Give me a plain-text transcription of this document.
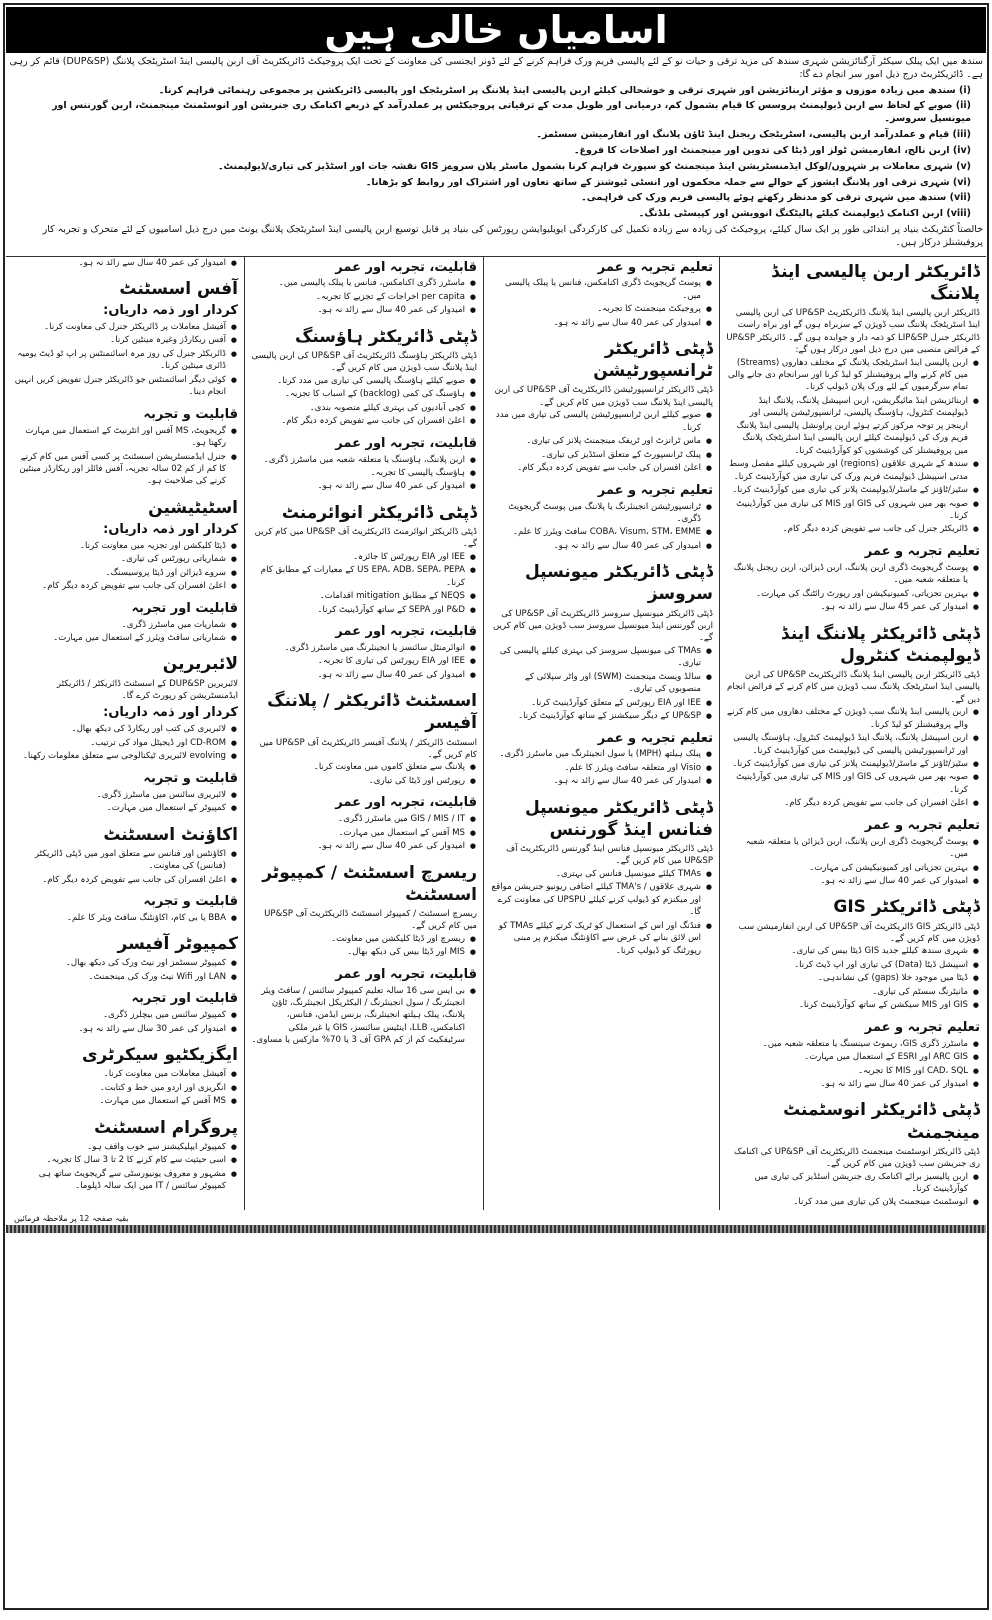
اسامیاں خالی ہیں

سندھ میں ایک پبلک سیکٹر آرگنائزیشن شہری سندھ کی مزید ترقی و حیات نو کے لئے پالیسی فریم ورک فراہم کرنے کے لئے ڈونر ایجنسی کی معاونت کے تحت ایک پروجیکٹ ڈائریکٹریٹ آف اربن پالیسی اینڈ اسٹریٹجک پلاننگ (DUP&SP) قائم کر رہی ہے۔ ڈائریکٹریٹ درج ذیل امور سر انجام دے گا:

(i) سندھ میں زیادہ موزوں و مؤثر اربنائزیشن اور شہری ترقی و خوشحالی کیلئے اربن پالیسی اینڈ پلاننگ پر اسٹریٹجک اور پالیسی ڈائریکشن پر مجموعی رہنمائی فراہم کرنا۔

(ii) صوبے کے لحاظ سے اربن ڈیولپمنٹ پروسس کا قیام بشمول کم، درمیانی اور طویل مدت کے ترقیاتی پروجیکٹس پر عملدرآمد کے ذریعے اکنامک ری جنریشن اور انوسٹمنٹ مینجمنٹ، اربن گورننس اور میونسپل سروسز۔

(iii) قیام و عملدرآمد اربن پالیسی، اسٹریٹجک ریجنل اینڈ ٹاؤن پلاننگ اور انفارمیشن سسٹمز۔

(iv) اربن نالج، انفارمیشن ٹولز اور ڈیٹا کی تدوین اور مینجمنٹ اور اصلاحات کا فروغ۔

(v) شہری معاملات پر شہروں/لوکل ایڈمنسٹریشن اینڈ مینجمنٹ کو سپورٹ فراہم کرنا بشمول ماسٹر پلان سروےز GIS نقشہ جات اور اسٹڈیز کی تیاری/ڈیولپمنٹ۔

(vi) شہری ترقی اور پلاننگ ایشوز کے حوالے سے جملہ محکموں اور انسٹی ٹیوشنز کے ساتھ تعاون اور اشتراک اور روابط کو بڑھانا۔

(vii) سندھ میں شہری ترقی کو مدنظر رکھتے ہوئے پالیسی فریم ورک کی فراہمی۔

(viii) اربن اکنامک ڈیولپمنٹ کیلئے پالیٹکنگ انوویشن اور کپیسٹی بلڈنگ۔

خالصتاً کنٹریکٹ بنیاد پر ابتدائی طور پر ایک سال کیلئے، پروجیکٹ کی زیادہ سے زیادہ تکمیل کی کارکردگی ایویلیوایشن رپورٹس کی بنیاد پر قابل توسیع اربن پالیسی اینڈ اسٹریٹجک پلاننگ یونٹ میں درج ذیل اسامیوں کے لئے متحرک و تجربہ کار پروفیشنلز درکار ہیں۔

ڈائریکٹر اربن پالیسی اینڈ پلاننگ

ڈائریکٹر اربن پالیسی اینڈ پلاننگ ڈائریکٹریٹ UP&SP کی اربن پالیسی اینڈ اسٹریٹجک پلاننگ سب ڈویژن کے سربراہ ہوں گے اور براہ راست ڈائریکٹر جنرل LIP&SP کو ذمہ دار و جوابدہ ہوں گے۔ ڈائریکٹر UP&SP کے فرائض منصبی میں درج ذیل امور درکار ہوں گے:

● اربن پالیسی اینڈ اسٹریٹجک پلاننگ کے مختلف دھاروں (Streams) میں کام کرنے والے پروفیشنلز کو لیڈ کرنا اور سرانجام دی جانے والی تمام سرگرمیوں کے لئے ورک پلان ڈیولپ کرنا۔
● اربنائزیشن اینڈ مائیگریشن، اربن اسپیشل پلاننگ، پلاننگ اینڈ ڈیولپمنٹ کنٹرول، ہاؤسنگ پالیسی، ٹرانسپورٹیشن پالیسی اور ارینجز پر توجہ مرکوز کرتے ہوئے اربن پراونشل پالیسی اینڈ پلاننگ فریم ورک کی ڈیولپمنٹ کیلئے اربن پالیسی اینڈ اسٹریٹجک پلاننگ میں پروفیشنلز کی کوششوں کو کوآرڈینیٹ کرنا۔
● سندھ کے شہری علاقوں (regions) اور شہروں کیلئے مفصل وسط مدتی اسپیشل ڈیولپمنٹ فریم ورک کی تیاری میں کوآرڈینیٹ کرنا۔
● سٹیز/ٹاؤنز کے ماسٹر/ڈیولپمنٹ پلانز کی تیاری میں کوآرڈینیٹ کرنا۔
● صوبہ بھر میں شہروں کی GIS اور MIS کی تیاری میں کوآرڈینیٹ کرنا۔
● ڈائریکٹر جنرل کی جانب سے تفویض کردہ دیگر کام۔
تعلیم تجربہ و عمر
● پوسٹ گریجویٹ ڈگری اربن پلاننگ، اربن ڈیزائن، اربن ریجنل پلاننگ یا متعلقہ شعبہ میں۔
● بہترین تجزیاتی، کمیونیکیشن اور رپورٹ رائٹنگ کی مہارت۔
● امیدوار کی عمر 45 سال سے زائد نہ ہو۔
ڈپٹی ڈائریکٹر پلاننگ اینڈ ڈیولپمنٹ کنٹرول

ڈپٹی ڈائریکٹر اربن پالیسی اینڈ پلاننگ ڈائریکٹریٹ UP&SP کی اربن پالیسی اینڈ اسٹریٹجک پلاننگ سب ڈویژن میں کام کرنے کے فرائض انجام دیں گے۔

● اربن پالیسی اینڈ پلاننگ سب ڈویژن کے مختلف دھاروں میں کام کرنے والے پروفیشنلز کو لیڈ کرنا۔
● اربن اسپیشل پلاننگ، پلاننگ اینڈ ڈیولپمنٹ کنٹرول، ہاؤسنگ پالیسی اور ٹرانسپورٹیشن پالیسی کی ڈیولپمنٹ میں کوآرڈینیٹ کرنا۔
● سٹیز/ٹاؤنز کے ماسٹر/ڈیولپمنٹ پلانز کی تیاری میں کوآرڈینیٹ کرنا۔
● صوبہ بھر میں شہروں کی GIS اور MIS کی تیاری میں کوآرڈینیٹ کرنا۔
● اعلیٰ افسران کی جانب سے تفویض کردہ دیگر کام۔
تعلیم تجربہ و عمر
● پوسٹ گریجویٹ ڈگری اربن پلاننگ، اربن ڈیزائن یا متعلقہ شعبہ میں۔
● بہترین تجزیاتی اور کمیونیکیشن کی مہارت۔
● امیدوار کی عمر 40 سال سے زائد نہ ہو۔
ڈپٹی ڈائریکٹر GIS

ڈپٹی ڈائریکٹر GIS ڈائریکٹریٹ آف UP&SP کی اربن انفارمیشن سب ڈویژن میں کام کریں گے۔

● شہری سندھ کیلئے جدید GIS ڈیٹا بیس کی تیاری۔
● اسپیشل ڈیٹا (Data) کی تیاری اور اپ ڈیٹ کرنا۔
● ڈیٹا میں موجود خلا (gaps) کی نشاندہی۔
● مانیٹرنگ سسٹم کی تیاری۔
● GIS اور MIS سیکشن کے ساتھ کوآرڈینیٹ کرنا۔
تعلیم تجربہ و عمر
● ماسٹرز ڈگری GIS، ریموٹ سینسنگ یا متعلقہ شعبہ میں۔
● ARC GIS اور ESRI کے استعمال میں مہارت۔
● CAD، SQL اور MIS کا تجربہ۔
● امیدوار کی عمر 40 سال سے زائد نہ ہو۔
ڈپٹی ڈائریکٹر انوسٹمنٹ مینجمنٹ

ڈپٹی ڈائریکٹر انوسٹمنٹ مینجمنٹ ڈائریکٹریٹ آف UP&SP کی اکنامک ری جنریشن سب ڈویژن میں کام کریں گے۔

● اربن پالیسیز برائے اکنامک ری جنریشن اسٹڈیز کی تیاری میں کوآرڈینیٹ کرنا۔
● انوسٹمنٹ مینجمنٹ پلان کی تیاری میں مدد کرنا۔
تعلیم تجربہ و عمر
● پوسٹ گریجویٹ ڈگری اکنامکس، فنانس یا پبلک پالیسی میں۔
● پروجیکٹ مینجمنٹ کا تجربہ۔
● امیدوار کی عمر 40 سال سے زائد نہ ہو۔
ڈپٹی ڈائریکٹر ٹرانسپورٹیشن

ڈپٹی ڈائریکٹر ٹرانسپورٹیشن ڈائریکٹریٹ آف UP&SP کی اربن پالیسی اینڈ پلاننگ سب ڈویژن میں کام کریں گے۔

● صوبے کیلئے اربن ٹرانسپورٹیشن پالیسی کی تیاری میں مدد کرنا۔
● ماس ٹرانزٹ اور ٹریفک مینجمنٹ پلانز کی تیاری۔
● پبلک ٹرانسپورٹ کے متعلق اسٹڈیز کی تیاری۔
● اعلیٰ افسران کی جانب سے تفویض کردہ دیگر کام۔
تعلیم تجربہ و عمر
● ٹرانسپورٹیشن انجینئرنگ یا پلاننگ میں پوسٹ گریجویٹ ڈگری۔
● COBA، Visum، STM، EMME سافٹ ویئرز کا علم۔
● امیدوار کی عمر 40 سال سے زائد نہ ہو۔
ڈپٹی ڈائریکٹر میونسپل سروسز

ڈپٹی ڈائریکٹر میونسپل سروسز ڈائریکٹریٹ آف UP&SP کی اربن گورننس اینڈ میونسپل سروسز سب ڈویژن میں کام کریں گے۔

● TMAs کی میونسپل سروسز کی بہتری کیلئے پالیسی کی تیاری۔
● سالڈ ویسٹ مینجمنٹ (SWM) اور واٹر سپلائی کے منصوبوں کی تیاری۔
● IEE اور EIA رپورٹس کے متعلق کوآرڈینیٹ کرنا۔
● UP&SP کے دیگر سیکشنز کے ساتھ کوآرڈینیٹ کرنا۔
تعلیم تجربہ و عمر
● پبلک ہیلتھ (MPH) یا سول انجینئرنگ میں ماسٹرز ڈگری۔
● Visio اور متعلقہ سافٹ ویئرز کا علم۔
● امیدوار کی عمر 40 سال سے زائد نہ ہو۔
ڈپٹی ڈائریکٹر میونسپل فنانس اینڈ گورننس

ڈپٹی ڈائریکٹر میونسپل فنانس اینڈ گورننس ڈائریکٹریٹ آف UP&SP میں کام کریں گے۔

● TMAs کیلئے میونسپل فنانس کی بہتری۔
● شہری علاقوں / TMA's کیلئے اضافی ریونیو جنریشن مواقع اور میکنزم کو ڈیولپ کرنے کیلئے UPSPU کی معاونت کرے گا۔
● فنڈنگ اور اس کے استعمال کو ٹریک کرنے کیلئے TMAs کو اس لائق بنانے کی غرض سے اکاؤنٹنگ میکنزم پر مبنی رپورٹنگ کو ڈیولپ کرنا۔
قابلیت، تجربہ اور عمر
● ماسٹرز ڈگری اکنامکس، فنانس یا پبلک پالیسی میں۔
● per capita اخراجات کے تجزیے کا تجربہ۔
● امیدوار کی عمر 40 سال سے زائد نہ ہو۔
ڈپٹی ڈائریکٹر ہاؤسنگ

ڈپٹی ڈائریکٹر ہاؤسنگ ڈائریکٹریٹ آف UP&SP کی اربن پالیسی اینڈ پلاننگ سب ڈویژن میں کام کریں گے۔

● صوبے کیلئے ہاؤسنگ پالیسی کی تیاری میں مدد کرنا۔
● ہاؤسنگ کی کمی (backlog) کے اسباب کا تجزیہ۔
● کچی آبادیوں کی بہتری کیلئے منصوبہ بندی۔
● اعلیٰ افسران کی جانب سے تفویض کردہ دیگر کام۔
قابلیت، تجربہ اور عمر
● اربن پلاننگ، ہاؤسنگ یا متعلقہ شعبہ میں ماسٹرز ڈگری۔
● ہاؤسنگ پالیسی کا تجربہ۔
● امیدوار کی عمر 40 سال سے زائد نہ ہو۔
ڈپٹی ڈائریکٹر انوائرمنٹ

ڈپٹی ڈائریکٹر انوائرمنٹ ڈائریکٹریٹ آف UP&SP میں کام کریں گے۔

● IEE اور EIA رپورٹس کا جائزہ۔
● US EPA، ADB، SEPA، PEPA کے معیارات کے مطابق کام کرنا۔
● NEQS کے مطابق mitigation اقدامات۔
● P&D اور SEPA کے ساتھ کوآرڈینیٹ کرنا۔
قابلیت، تجربہ اور عمر
● انوائرمنٹل سائنسز یا انجینئرنگ میں ماسٹرز ڈگری۔
● IEE اور EIA رپورٹس کی تیاری کا تجربہ۔
● امیدوار کی عمر 40 سال سے زائد نہ ہو۔
اسسٹنٹ ڈائریکٹر / پلاننگ آفیسر

اسسٹنٹ ڈائریکٹر / پلاننگ آفیسر ڈائریکٹریٹ آف UP&SP میں کام کریں گے۔

● پلاننگ سے متعلق کاموں میں معاونت کرنا۔
● رپورٹس اور ڈیٹا کی تیاری۔
قابلیت، تجربہ اور عمر
● GIS / MIS / IT میں ماسٹرز ڈگری۔
● MS آفس کے استعمال میں مہارت۔
● امیدوار کی عمر 40 سال سے زائد نہ ہو۔
ریسرچ اسسٹنٹ / کمپیوٹر اسسٹنٹ

ریسرچ اسسٹنٹ / کمپیوٹر اسسٹنٹ ڈائریکٹریٹ آف UP&SP میں کام کریں گے۔

● ریسرچ اور ڈیٹا کلیکشن میں معاونت۔
● MIS اور ڈیٹا بیس کی دیکھ بھال۔
قابلیت، تجربہ اور عمر
● بی ایس سی 16 سالہ تعلیم کمپیوٹر سائنس / سافٹ ویئر انجینئرنگ / سول انجینئرنگ / الیکٹریکل انجینئرنگ، ٹاؤن پلاننگ، پبلک ہیلتھ انجینئرنگ، بزنس ایڈمن، فنانس، اکنامکس، LLB، اینٹیس سائنسز، GIS یا غیر ملکی سرٹیفکیٹ کم از کم GPA آف 3 یا 70% مارکس یا مساوی۔
● امیدوار کی عمر 40 سال سے زائد نہ ہو۔
آفس اسسٹنٹ
کردار اور ذمہ داریاں:
● آفیشل معاملات پر ڈائریکٹر جنرل کی معاونت کرنا۔
● آفس ریکارڈز وغیرہ مینٹین کرنا۔
● ڈائریکٹر جنرل کی روز مرہ اسائنمنٹس پر اپ ٹو ڈیٹ یومیہ ڈائری مینٹین کرنا۔
● کوئی دیگر اسائنمنٹس جو ڈائریکٹر جنرل تفویض کریں انہیں انجام دینا۔
قابلیت و تجربہ
● گریجویٹ، MS آفس اور انٹرنیٹ کے استعمال میں مہارت رکھتا ہو۔
● جنرل ایڈمنسٹریشن اسسٹنٹ پر کسی آفس میں کام کرنے کا کم از کم 02 سالہ تجربہ، آفس فائلز اور ریکارڈز مینٹین کرنے کی صلاحیت ہو۔
اسٹیٹیشین
کردار اور ذمہ داریاں:
● ڈیٹا کلیکشن اور تجزیہ میں معاونت کرنا۔
● شماریاتی رپورٹس کی تیاری۔
● سروے ڈیزائن اور ڈیٹا پروسیسنگ۔
● اعلیٰ افسران کی جانب سے تفویض کردہ دیگر کام۔
قابلیت اور تجربہ
● شماریات میں ماسٹرز ڈگری۔
● شماریاتی سافٹ ویئرز کے استعمال میں مہارت۔
لائبریرین

لائبریرین DUP&SP کے اسسٹنٹ ڈائریکٹر / ڈائریکٹر ایڈمنسٹریشن کو رپورٹ کرے گا۔

کردار اور ذمہ داریاں:
● لائبریری کی کتب اور ریکارڈ کی دیکھ بھال۔
● CD-ROM اور ڈیجیٹل مواد کی ترتیب۔
● evolving لائبریری ٹیکنالوجی سے متعلق معلومات رکھنا۔
قابلیت و تجربہ
● لائبریری سائنس میں ماسٹرز ڈگری۔
● کمپیوٹر کے استعمال میں مہارت۔
اکاؤنٹ اسسٹنٹ
● اکاؤنٹس اور فنانس سے متعلق امور میں ڈپٹی ڈائریکٹر (فنانس) کی معاونت۔
● اعلیٰ افسران کی جانب سے تفویض کردہ دیگر کام۔
قابلیت و تجربہ
● BBA یا بی کام، اکاؤنٹنگ سافٹ ویئر کا علم۔
کمپیوٹر آفیسر
● کمپیوٹر سسٹمز اور نیٹ ورک کی دیکھ بھال۔
● LAN اور Wifi نیٹ ورک کی مینجمنٹ۔
قابلیت اور تجربہ
● کمپیوٹر سائنس میں بیچلرز ڈگری۔
● امیدوار کی عمر 30 سال سے زائد نہ ہو۔
ایگزیکٹیو سیکرٹری
● آفیشل معاملات میں معاونت کرنا۔
● انگریزی اور اردو میں خط و کتابت۔
● MS آفس کے استعمال میں مہارت۔
پروگرام اسسٹنٹ
● کمپیوٹر ایپلیکیشنز سے خوب واقف ہو۔
● اسی حیثیت سے کام کرنے کا 2 تا 3 سال کا تجربہ۔
● مشہور و معروف یونیورسٹی سے گریجویٹ ساتھ ہی کمپیوٹر سائنس / IT میں ایک سالہ ڈپلوما۔
بقیہ صفحہ 12 پر ملاحظہ فرمائیں
